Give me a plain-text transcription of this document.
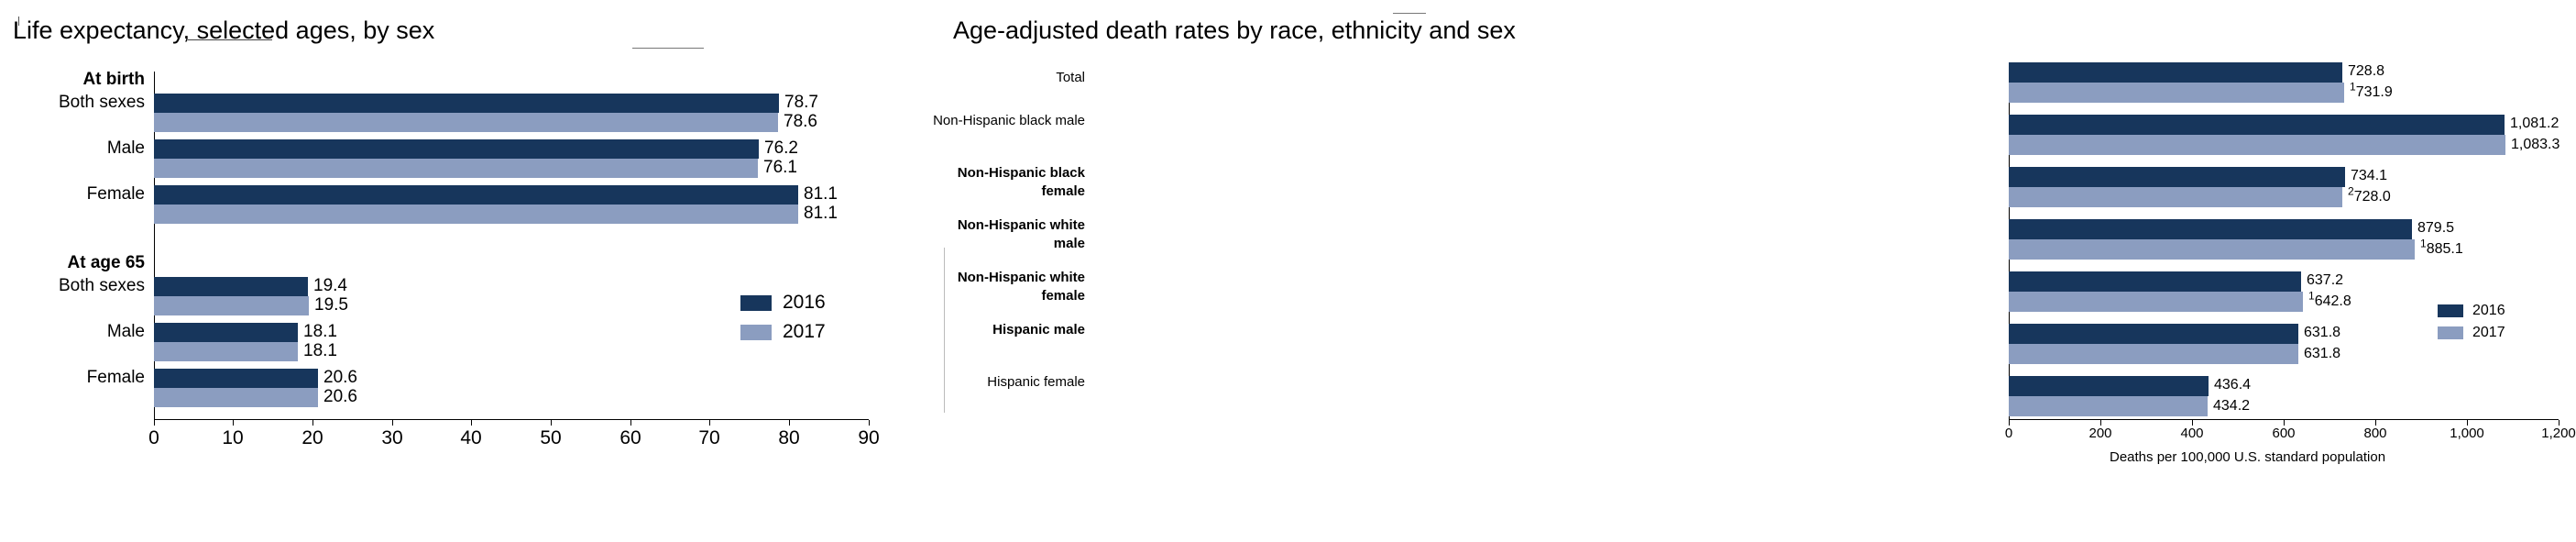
Life expectancy, selected ages, by sex
78.7
78.6
76.2
76.1
81.1
81.1
19.4
19.5
18.1
18.1
20.6
20.6
2016
2017
0	10	20	30	40	50	60	70	80	90
At birth
Both sexes
Male
Female
At age 65
Both sexes
Male
Female
Age-adjusted death rates by race, ethnicity and sex
728.8
$^1$731.9
1,081.2
1,083.3
734.1
$^2$728.0
879.5
$^1$885.1
637.2
$^1$642.8
631.8
631.8
436.4
434.2
2016
2017
0	200	400	600	800	1,000	1,200
Deaths per 100,000 U.S. standard population
Total
Non-Hispanic black male
Non-Hispanic black female
Non-Hispanic white male
Non-Hispanic white female
Hispanic male
Hispanic female
